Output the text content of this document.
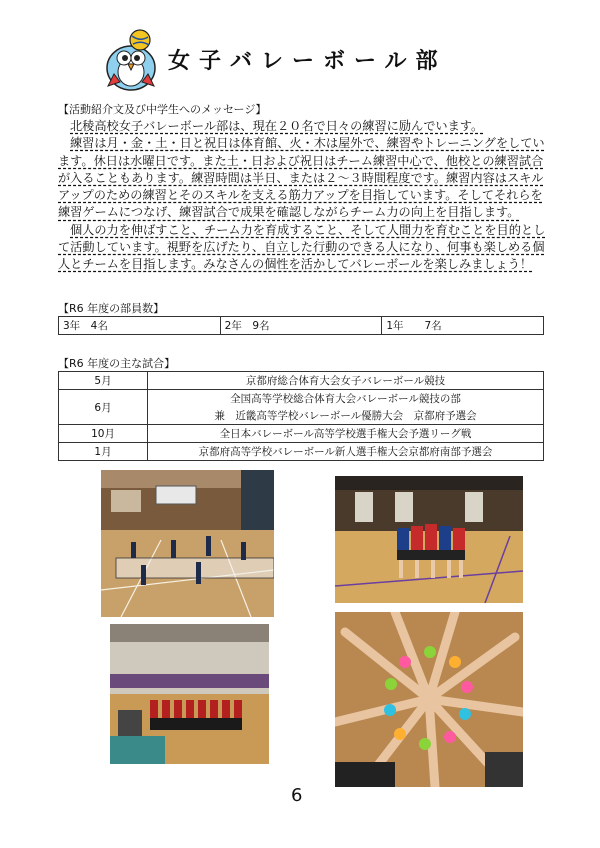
女子バレーボール部
【活動紹介文及び中学生へのメッセージ】

北稜高校女子バレーボール部は、現在２０名で日々の練習に励んでいます。

練習は月・金・土・日と祝日は体育館、火・木は屋外で、練習やトレーニングをしています。休日は水曜日です。また土・日および祝日はチーム練習中心で、他校との練習試合が入ることもあります。練習時間は半日、または２～３時間程度です。練習内容はスキルアップのための練習とそのスキルを支える筋力アップを目指しています。そしてそれらを練習ゲームにつなげ、練習試合で成果を確認しながらチーム力の向上を目指します。

個人の力を伸ばすこと、チーム力を育成すること、そして人間力を育むことを目的として活動しています。視野を広げたり、自立した行動のできる人になり、何事も楽しめる個人とチームを目指します。みなさんの個性を活かしてバレーボールを楽しみましょう！

【R6 年度の部員数】
3年　4名	2年　9名	1年　　7名
【R6 年度の主な試合】
5月	京都府総合体育大会女子バレーボール競技
6月	全国高等学校総合体育大会バレーボール競技の部
	兼　近畿高等学校バレーボール優勝大会　京都府予選会
10月	全日本バレーボール高等学校選手権大会予選リーグ戦
1月	京都府高等学校バレーボール新人選手権大会京都府南部予選会
6
